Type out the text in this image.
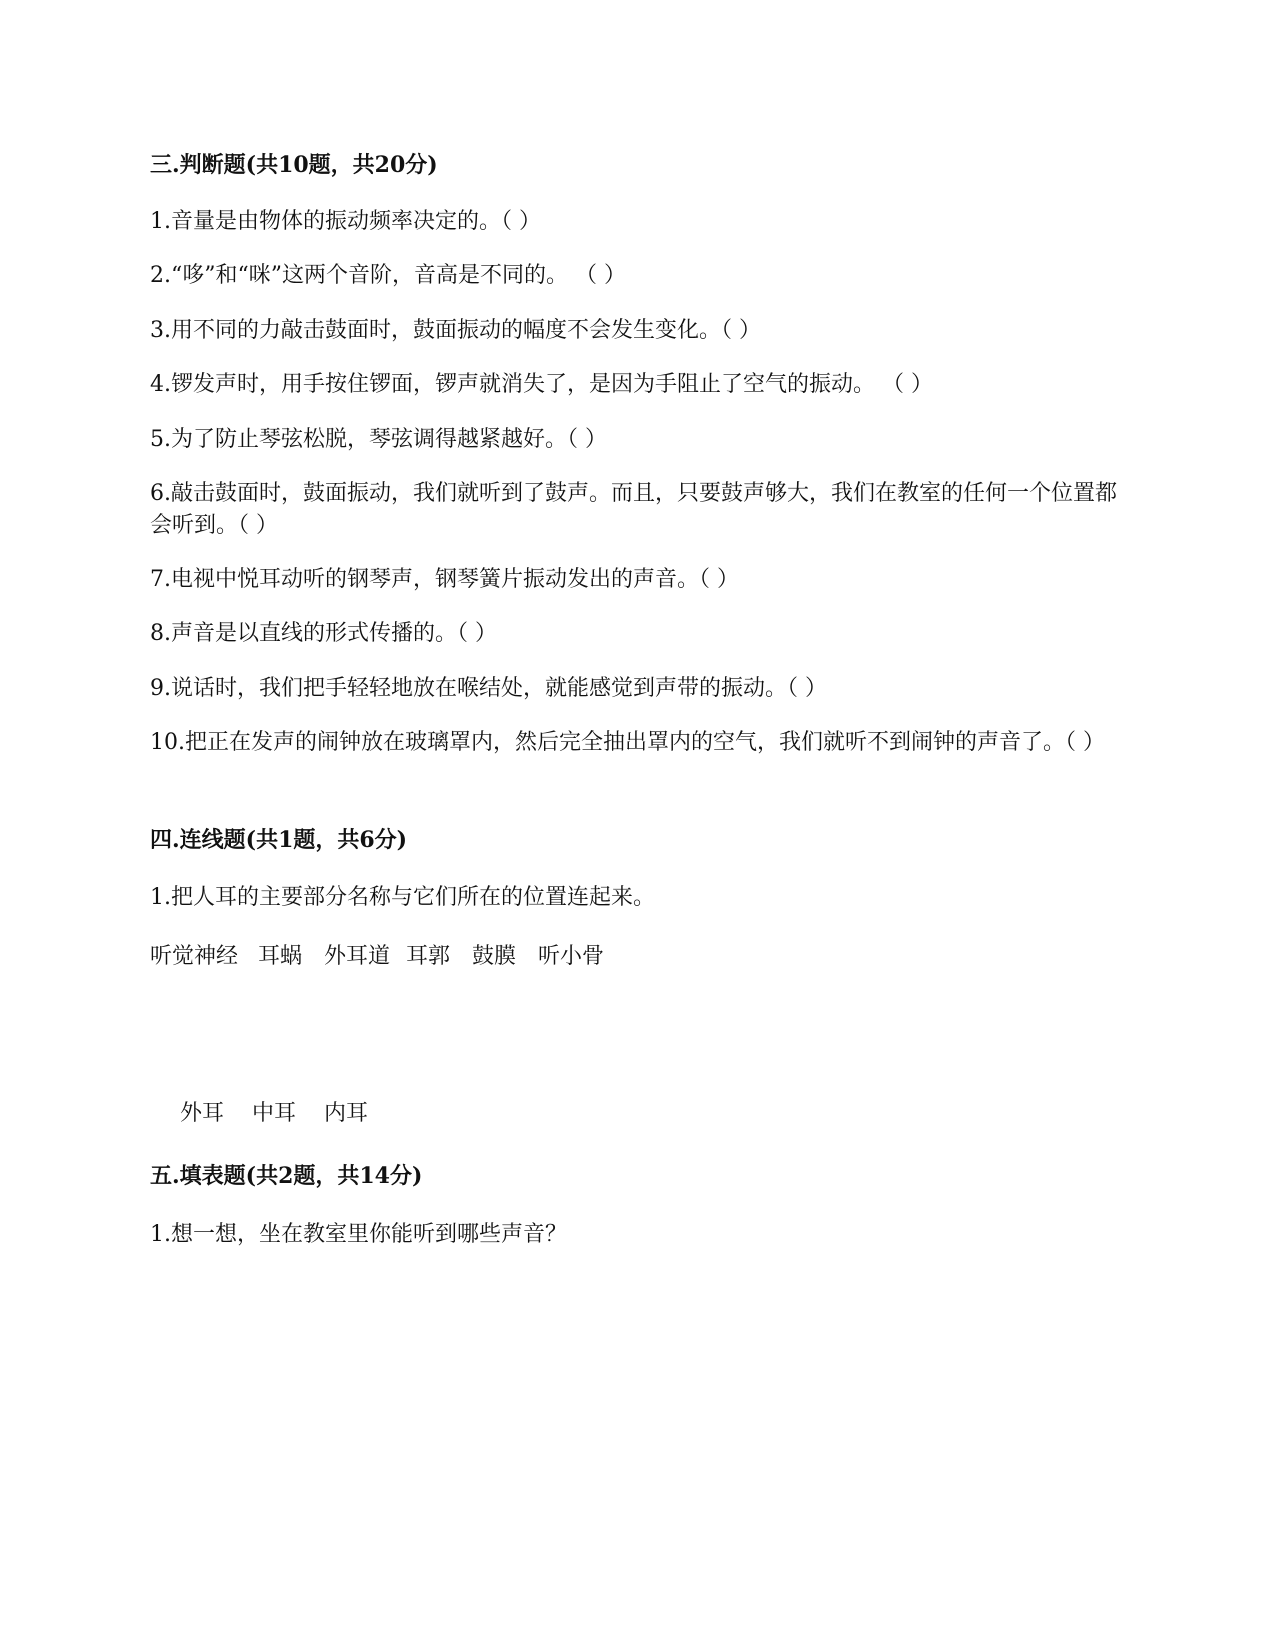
三.判断题(共10题，共20分)
1.音量是由物体的振动频率决定的。（ ）
2.“哆”和“咪”这两个音阶，音高是不同的。 （ ）
3.用不同的力敲击鼓面时，鼓面振动的幅度不会发生变化。（ ）
4.锣发声时，用手按住锣面，锣声就消失了，是因为手阻止了空气的振动。 （ ）
5.为了防止琴弦松脱，琴弦调得越紧越好。（ ）
6.敲击鼓面时，鼓面振动，我们就听到了鼓声。而且，只要鼓声够大，我们在教室的任何一个位置都会听到。（ ）
7.电视中悦耳动听的钢琴声，钢琴簧片振动发出的声音。（ ）
8.声音是以直线的形式传播的。（ ）
9.说话时，我们把手轻轻地放在喉结处，就能感觉到声带的振动。（ ）
10.把正在发声的闹钟放在玻璃罩内，然后完全抽出罩内的空气，我们就听不到闹钟的声音了。（ ）
四.连线题(共1题，共6分)
1.把人耳的主要部分名称与它们所在的位置连起来。
听觉神经 耳蜗 外耳道 耳郭 鼓膜 听小骨
外耳 中耳 内耳
五.填表题(共2题，共14分)
1.想一想，坐在教室里你能听到哪些声音？
